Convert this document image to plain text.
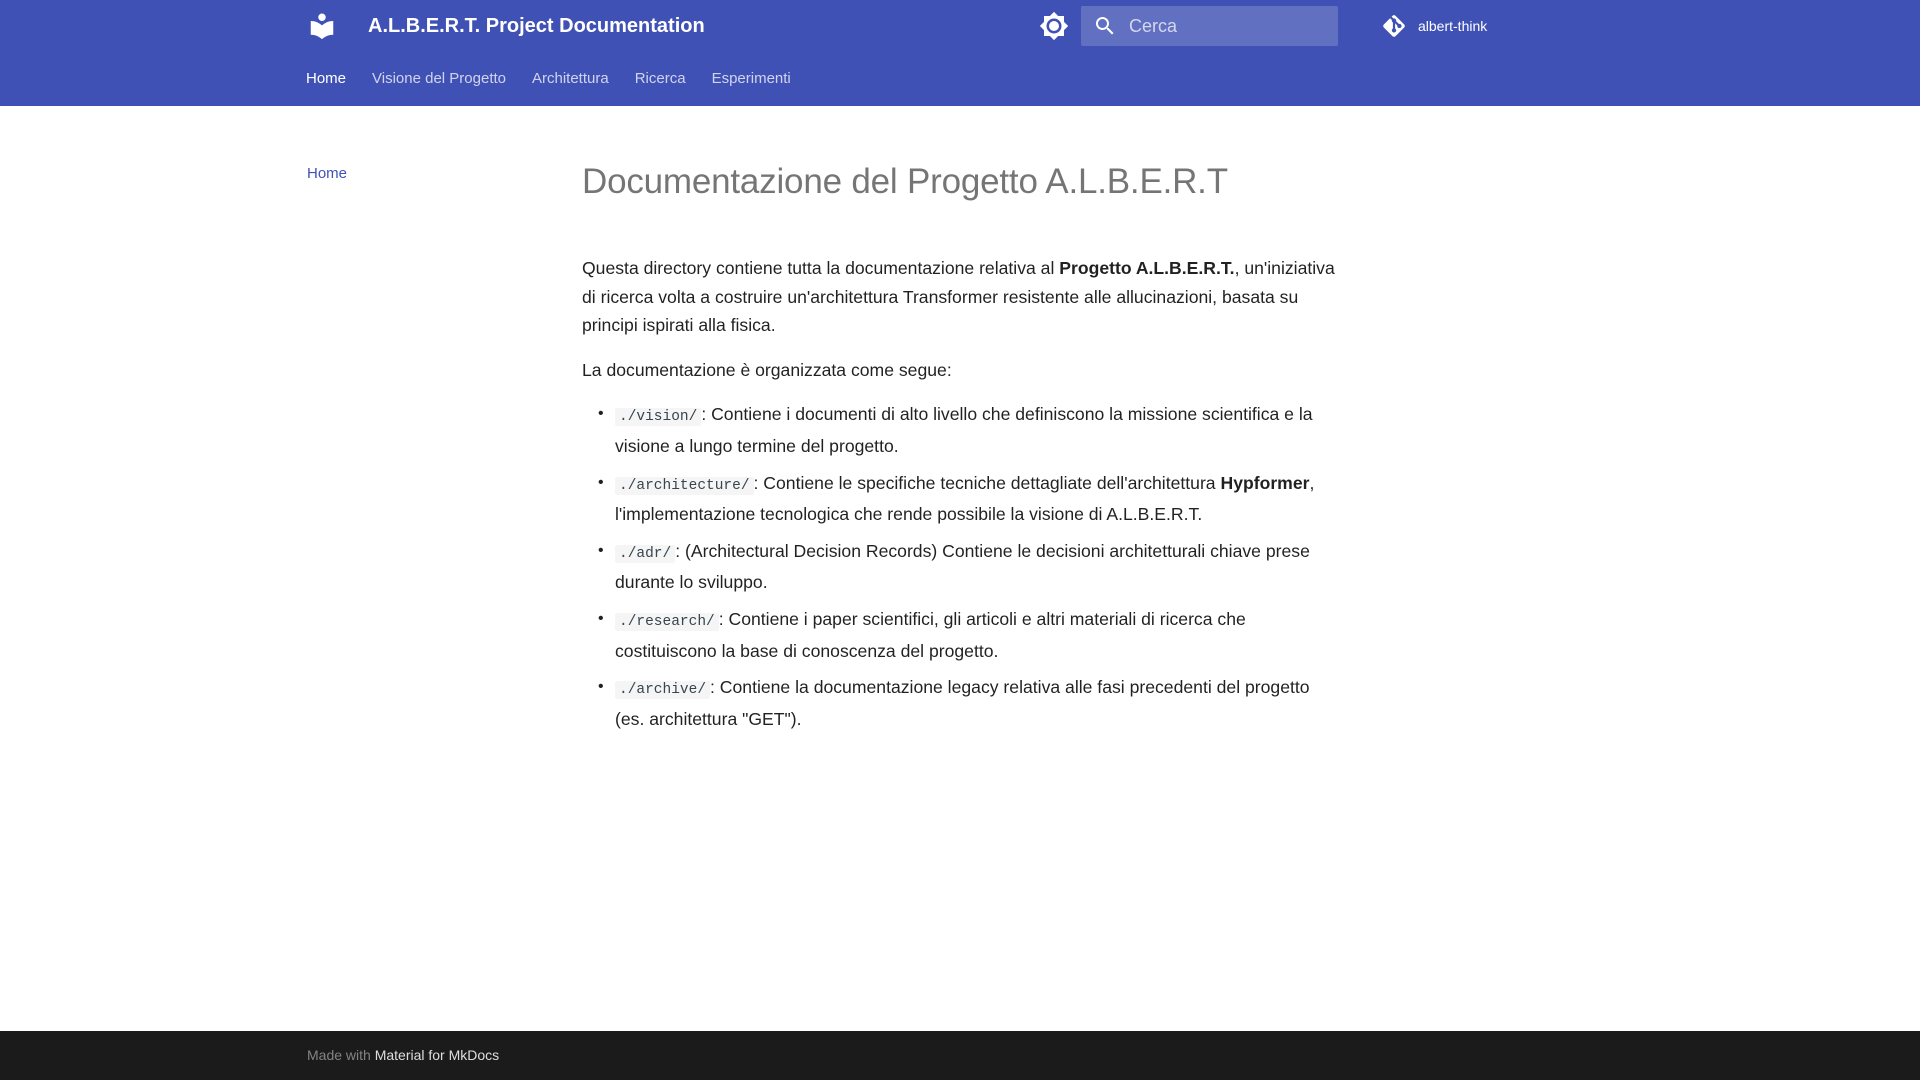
A.L.B.E.R.T. Project Documentation
Cerca	albert-think
Home Visione del Progetto Architettura Ricerca Esperimenti
Home	Documentazione del Progetto A.L.B.E.R.T

Questa directory contiene tutta la documentazione relativa al Progetto A.L.B.E.R.T., un'iniziativa di ricerca volta a costruire un'architettura Transformer resistente alle allucinazioni, basata su principi ispirati alla fisica.

La documentazione è organizzata come segue:

• ./vision/ : Contiene i documenti di alto livello che definiscono la missione scientifica e la visione a lungo termine del progetto.
• ./architecture/ : Contiene le specifiche tecniche dettagliate dell'architettura Hypformer, l'implementazione tecnologica che rende possibile la visione di A.L.B.E.R.T.
• ./adr/ : (Architectural Decision Records) Contiene le decisioni architetturali chiave prese durante lo sviluppo.
• ./research/ : Contiene i paper scientifici, gli articoli e altri materiali di ricerca che costituiscono la base di conoscenza del progetto.
• ./archive/ : Contiene la documentazione legacy relativa alle fasi precedenti del progetto (es. architettura "GET").
Made with Material for MkDocs
